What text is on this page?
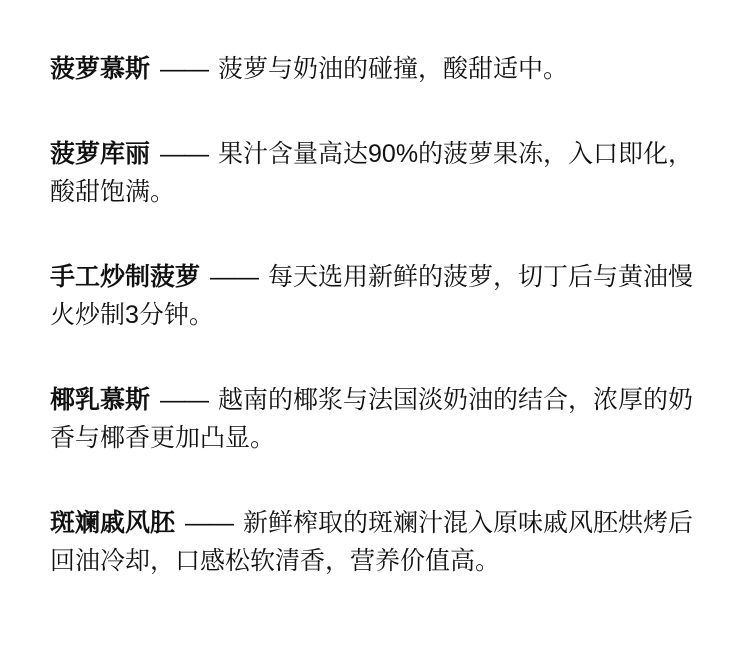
菠萝慕斯 —— 菠萝与奶油的碰撞，酸甜适中。

菠萝库丽 —— 果汁含量高达90%的菠萝果冻，入口即化，酸甜饱满。

手工炒制菠萝 —— 每天选用新鲜的菠萝，切丁后与黄油慢火炒制3分钟。

椰乳慕斯 —— 越南的椰浆与法国淡奶油的结合，浓厚的奶香与椰香更加凸显。

斑斓戚风胚 —— 新鲜榨取的斑斓汁混入原味戚风胚烘烤后回油冷却，口感松软清香，营养价值高。
